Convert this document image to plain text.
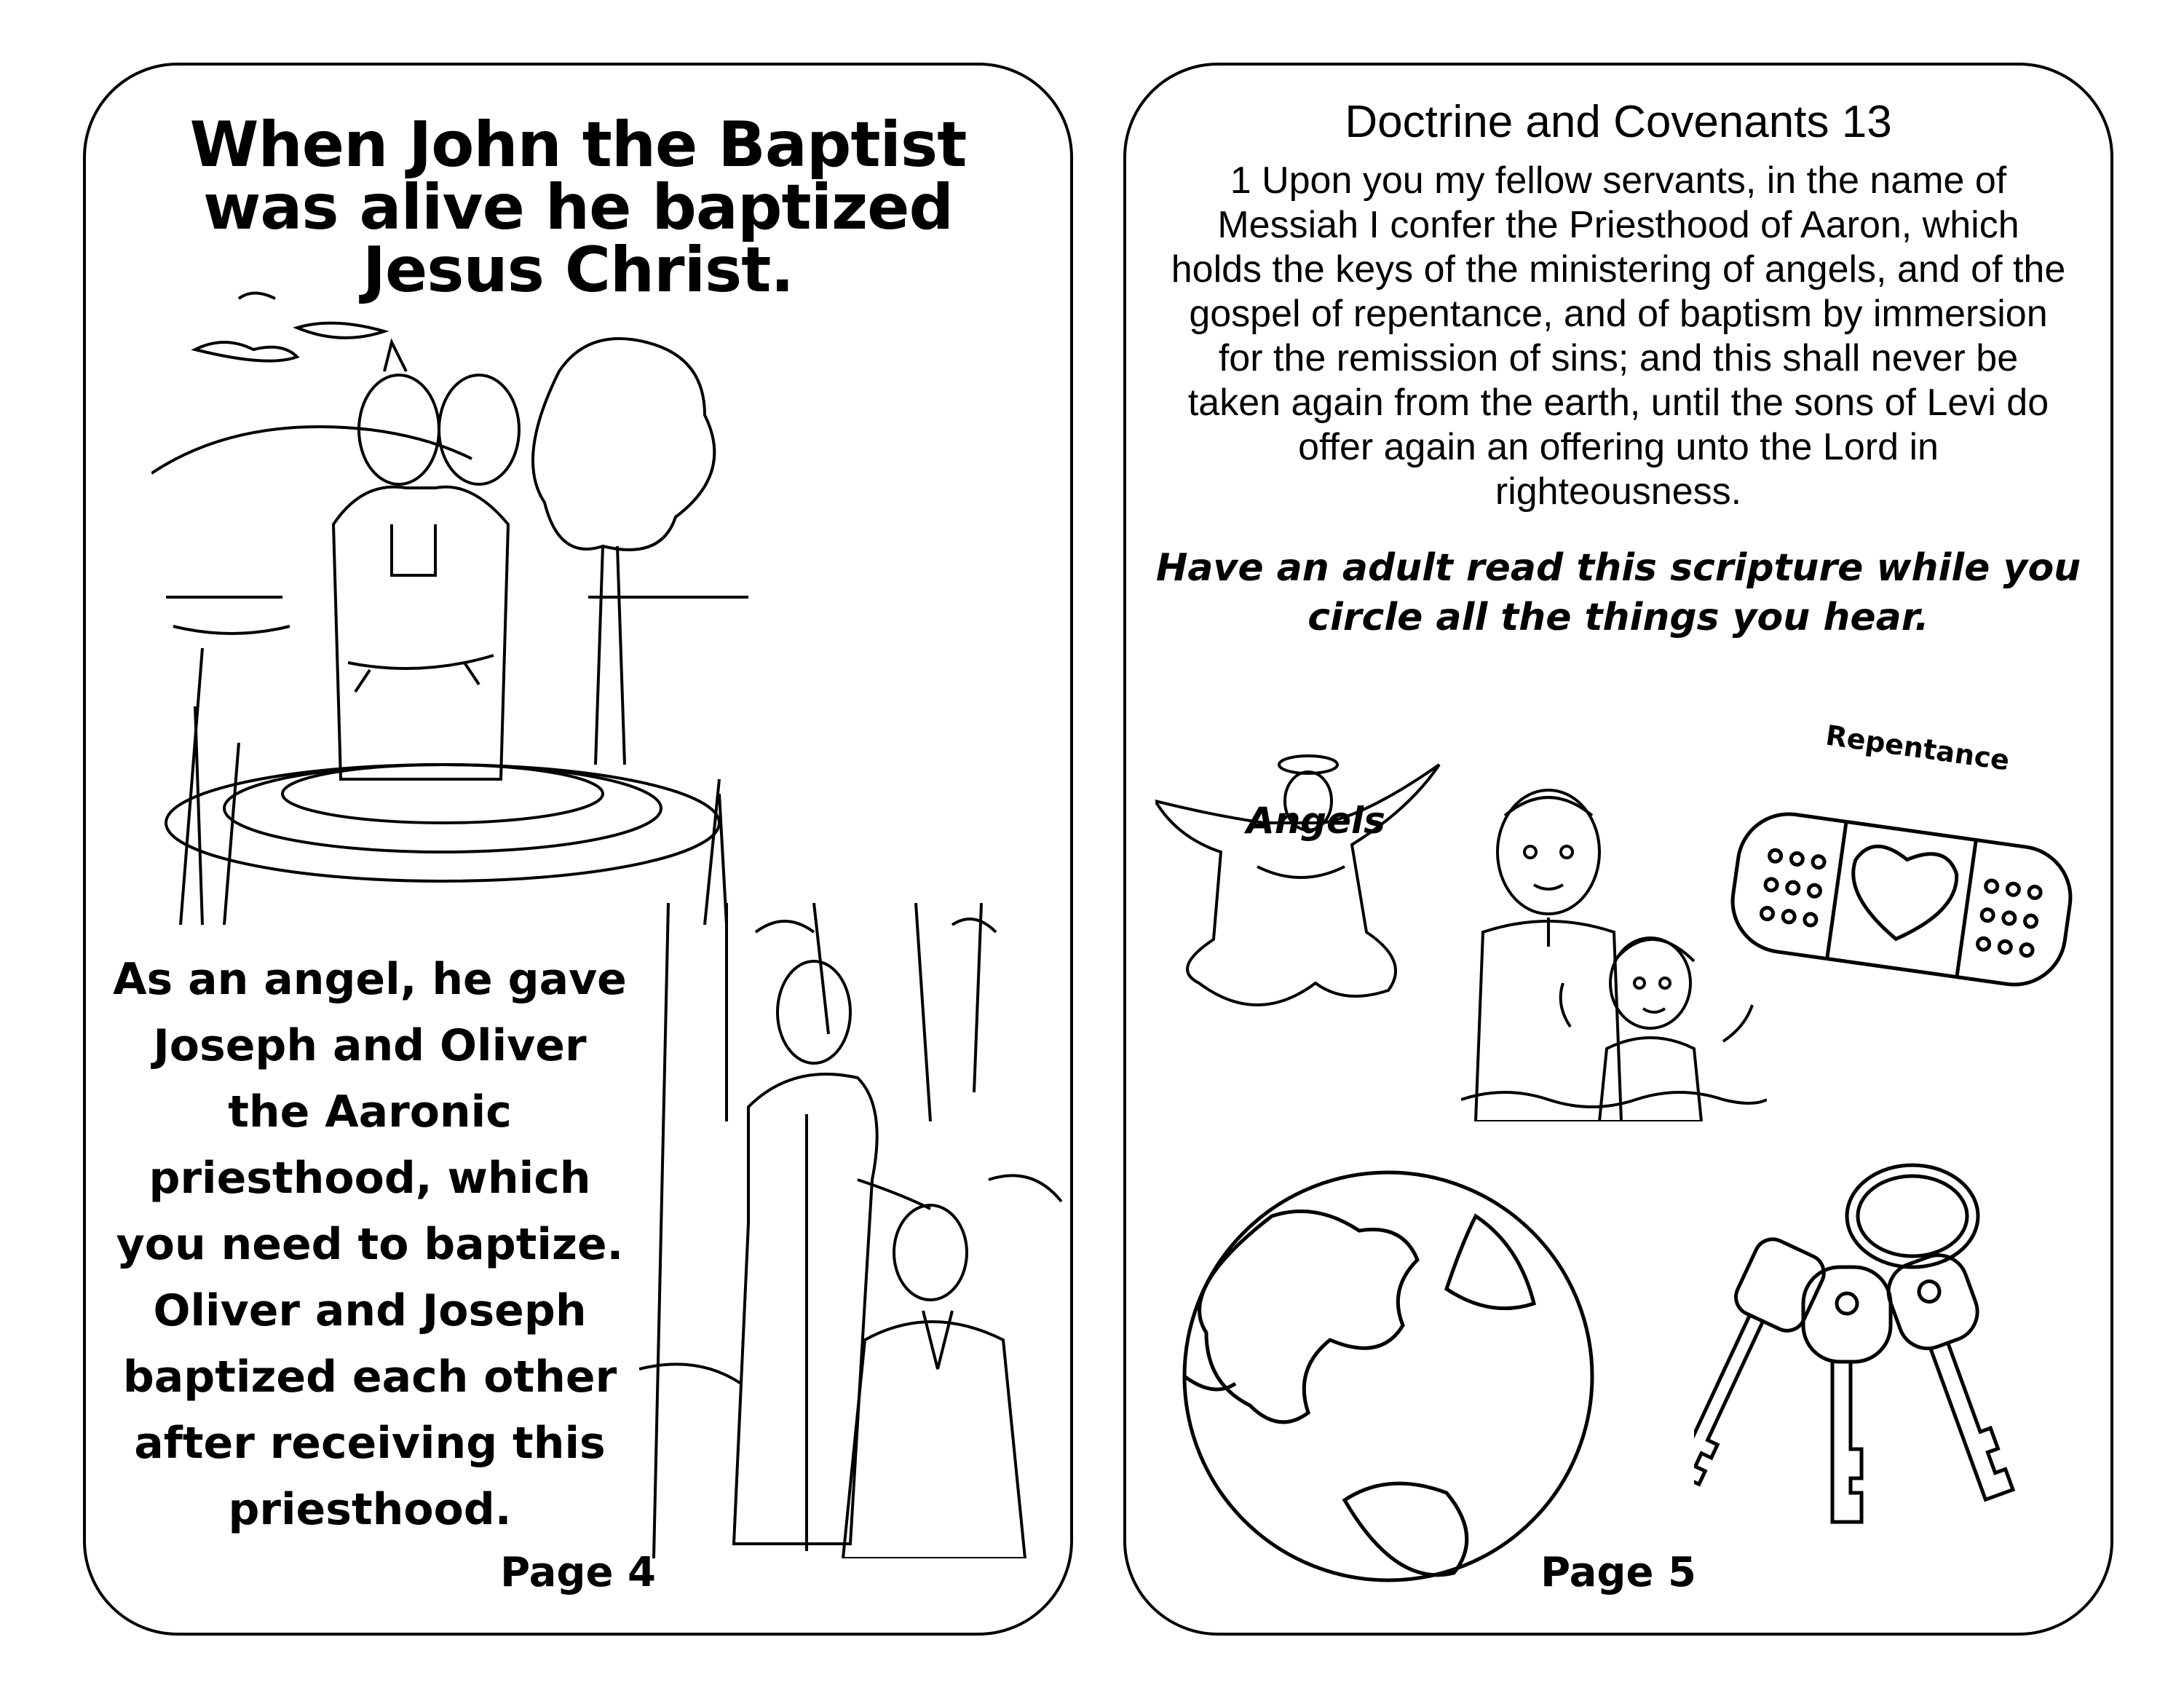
When John the Baptist was alive he baptized Jesus Christ.
As an angel, he gave Joseph and Oliver the Aaronic priesthood, which you need to baptize. Oliver and Joseph baptized each other after receiving this priesthood.
Page 4
Doctrine and Covenants 13
1 Upon you my fellow servants, in the name of Messiah I confer the Priesthood of Aaron, which holds the keys of the ministering of angels, and of the gospel of repentance, and of baptism by immersion for the remission of sins; and this shall never be taken again from the earth, until the sons of Levi do offer again an offering unto the Lord in righteousness.
Have an adult read this scripture while you circle all the things you hear.
Angels
Repentance
Page 5
